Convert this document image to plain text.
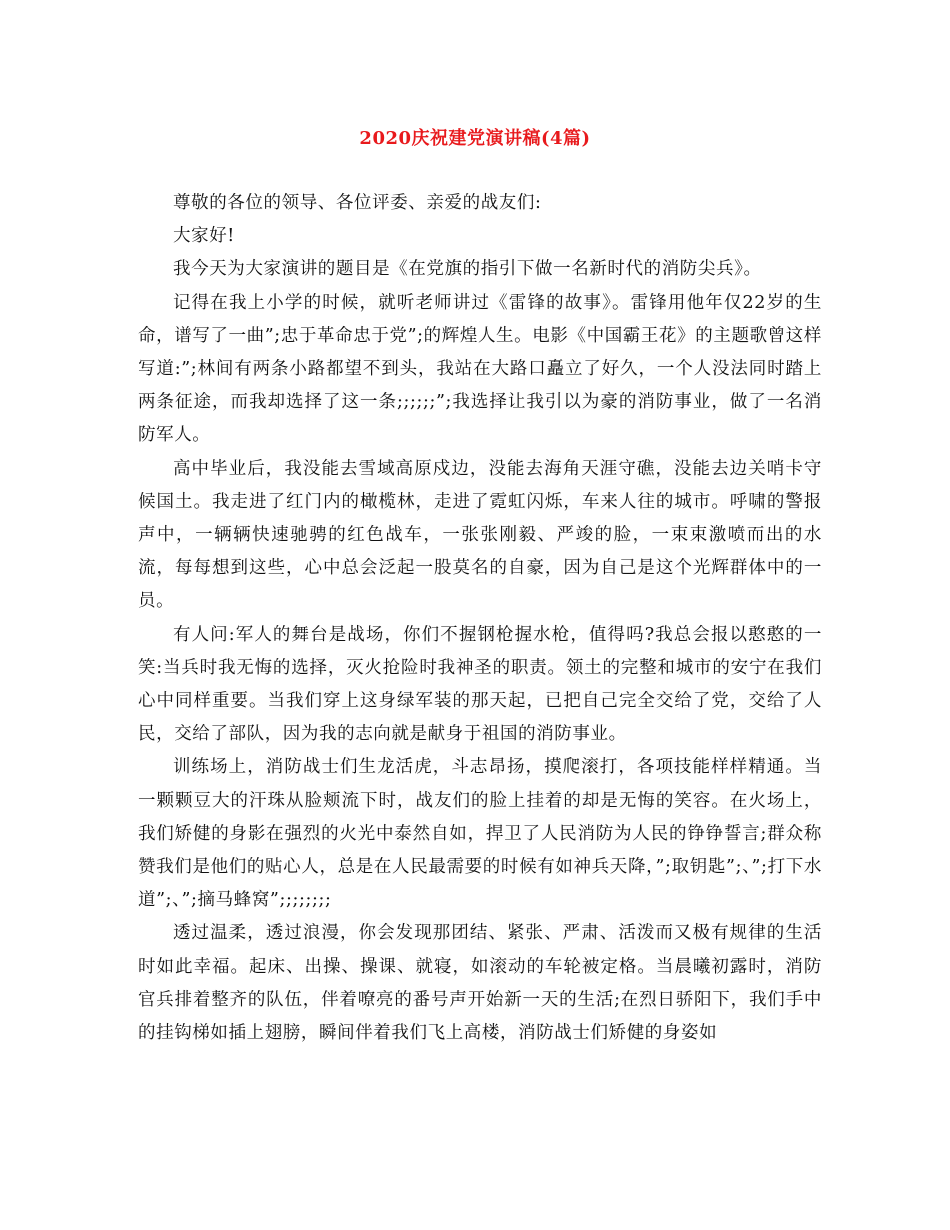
2020庆祝建党演讲稿(4篇)

尊敬的各位的领导、各位评委、亲爱的战友们:

大家好!

我今天为大家演讲的题目是《在党旗的指引下做一名新时代的消防尖兵》。

记得在我上小学的时候，就听老师讲过《雷锋的故事》。雷锋用他年仅22岁的生命，谱写了一曲”;忠于革命忠于党”;的辉煌人生。电影《中国霸王花》的主题歌曾这样写道:”;林间有两条小路都望不到头，我站在大路口矗立了好久，一个人没法同时踏上两条征途，而我却选择了这一条;;;;;;”;我选择让我引以为豪的消防事业，做了一名消防军人。

高中毕业后，我没能去雪域高原戍边，没能去海角天涯守礁，没能去边关哨卡守候国土。我走进了红门内的橄榄林，走进了霓虹闪烁，车来人往的城市。呼啸的警报声中，一辆辆快速驰骋的红色战车，一张张刚毅、严竣的脸，一束束激喷而出的水流，每每想到这些，心中总会泛起一股莫名的自豪，因为自己是这个光辉群体中的一员。

有人问:军人的舞台是战场，你们不握钢枪握水枪，值得吗?我总会报以憨憨的一笑:当兵时我无悔的选择，灭火抢险时我神圣的职责。领土的完整和城市的安宁在我们心中同样重要。当我们穿上这身绿军装的那天起，已把自己完全交给了党，交给了人民，交给了部队，因为我的志向就是献身于祖国的消防事业。

训练场上，消防战士们生龙活虎，斗志昂扬，摸爬滚打，各项技能样样精通。当一颗颗豆大的汗珠从脸颊流下时，战友们的脸上挂着的却是无悔的笑容。在火场上，我们矫健的身影在强烈的火光中泰然自如，捍卫了人民消防为人民的铮铮誓言;群众称赞我们是他们的贴心人，总是在人民最需要的时候有如神兵天降，”;取钥匙”;、”;打下水道”;、”;摘马蜂窝”;;;;;;;;

透过温柔，透过浪漫，你会发现那团结、紧张、严肃、活泼而又极有规律的生活时如此幸福。起床、出操、操课、就寝，如滚动的车轮被定格。当晨曦初露时，消防官兵排着整齐的队伍，伴着嘹亮的番号声开始新一天的生活;在烈日骄阳下，我们手中的挂钩梯如插上翅膀，瞬间伴着我们飞上高楼，消防战士们矫健的身姿如
